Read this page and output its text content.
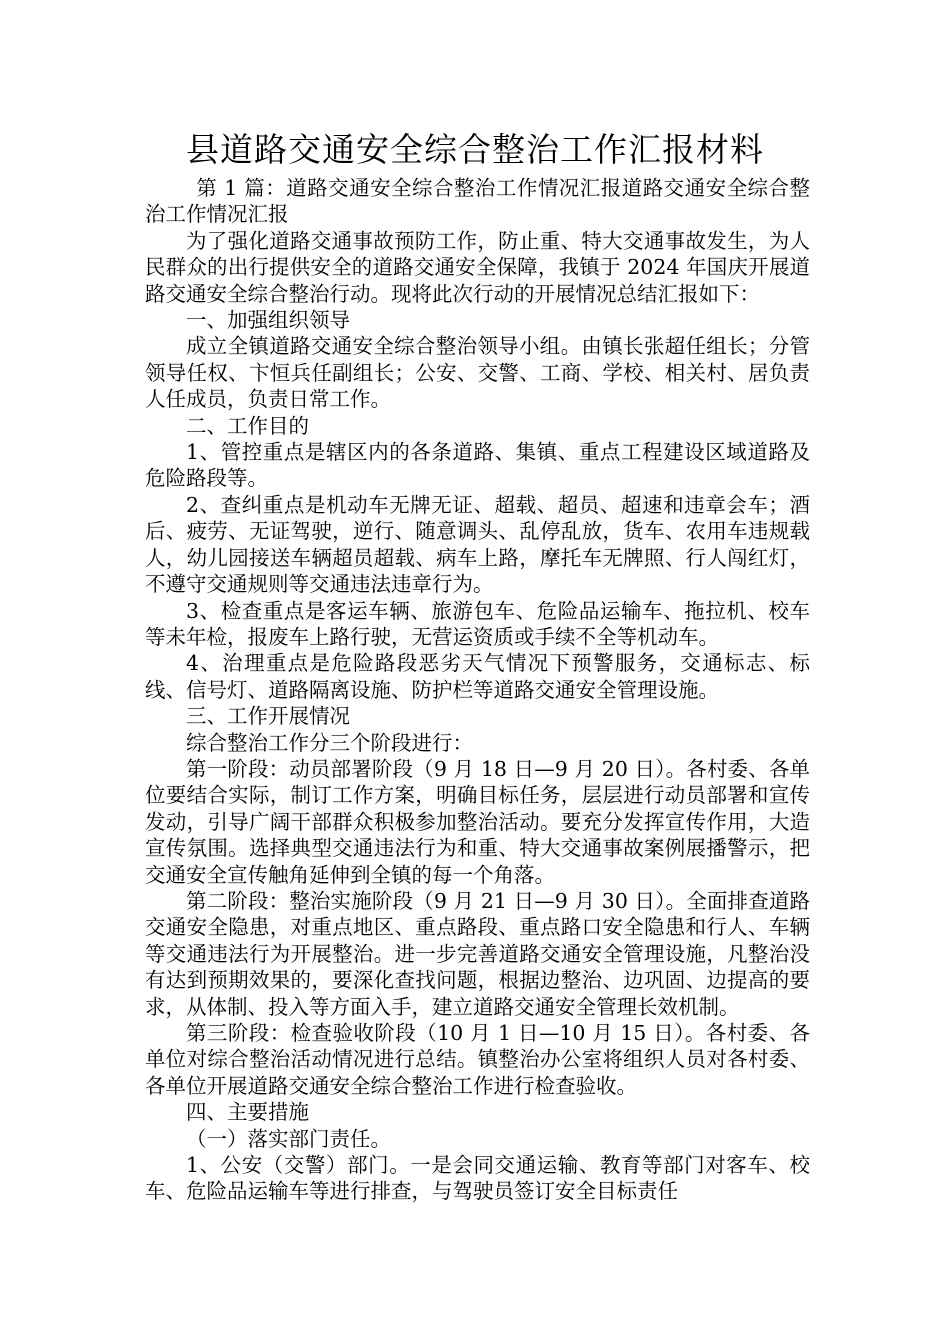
县道路交通安全综合整治工作汇报材料

第 1 篇：道路交通安全综合整治工作情况汇报道路交通安全综合整治工作情况汇报

为了强化道路交通事故预防工作，防止重、特大交通事故发生，为人民群众的出行提供安全的道路交通安全保障，我镇于 2024 年国庆开展道路交通安全综合整治行动。现将此次行动的开展情况总结汇报如下：

一、加强组织领导

成立全镇道路交通安全综合整治领导小组。由镇长张超任组长；分管领导任权、卞恒兵任副组长；公安、交警、工商、学校、相关村、居负责人任成员，负责日常工作。

二、工作目的

1、管控重点是辖区内的各条道路、集镇、重点工程建设区域道路及危险路段等。

2、查纠重点是机动车无牌无证、超载、超员、超速和违章会车；酒后、疲劳、无证驾驶，逆行、随意调头、乱停乱放，货车、农用车违规载人，幼儿园接送车辆超员超载、病车上路，摩托车无牌照、行人闯红灯，不遵守交通规则等交通违法违章行为。

3、检查重点是客运车辆、旅游包车、危险品运输车、拖拉机、校车等未年检，报废车上路行驶，无营运资质或手续不全等机动车。

4、治理重点是危险路段恶劣天气情况下预警服务，交通标志、标线、信号灯、道路隔离设施、防护栏等道路交通安全管理设施。

三、工作开展情况

综合整治工作分三个阶段进行：

第一阶段：动员部署阶段（9 月 18 日—9 月 20 日）。各村委、各单位要结合实际，制订工作方案，明确目标任务，层层进行动员部署和宣传发动，引导广阔干部群众积极参加整治活动。要充分发挥宣传作用，大造宣传氛围。选择典型交通违法行为和重、特大交通事故案例展播警示，把交通安全宣传触角延伸到全镇的每一个角落。

第二阶段：整治实施阶段（9 月 21 日—9 月 30 日）。全面排查道路交通安全隐患，对重点地区、重点路段、重点路口安全隐患和行人、车辆等交通违法行为开展整治。进一步完善道路交通安全管理设施，凡整治没有达到预期效果的，要深化查找问题，根据边整治、边巩固、边提高的要求，从体制、投入等方面入手，建立道路交通安全管理长效机制。

第三阶段：检查验收阶段（10 月 1 日—10 月 15 日）。各村委、各单位对综合整治活动情况进行总结。镇整治办公室将组织人员对各村委、各单位开展道路交通安全综合整治工作进行检查验收。

四、主要措施

（一）落实部门责任。

1、公安（交警）部门。一是会同交通运输、教育等部门对客车、校车、危险品运输车等进行排查，与驾驶员签订安全目标责任
